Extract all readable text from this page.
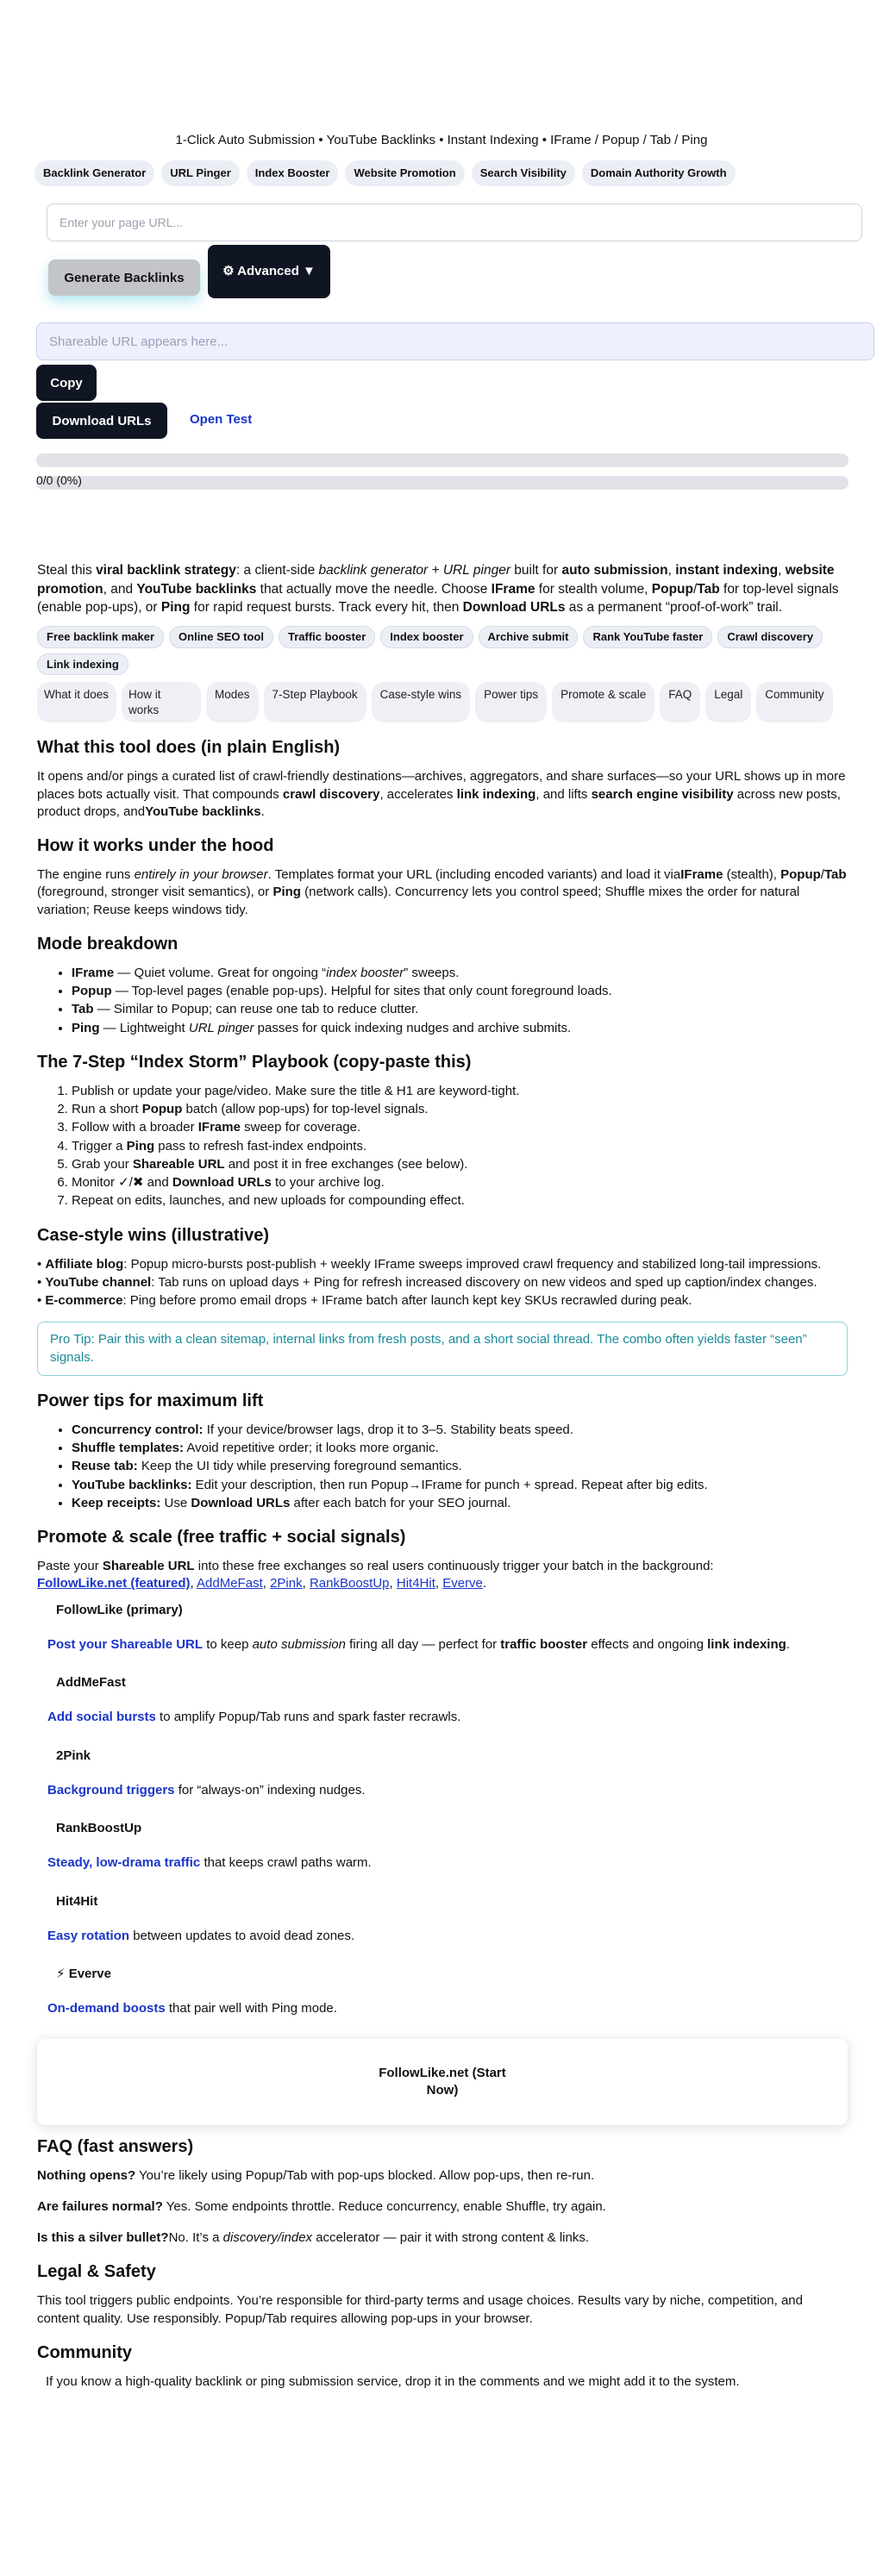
1-Click Auto Submission • YouTube Backlinks • Instant Indexing • IFrame / Popup / Tab / Ping
Backlink Generator	URL Pinger	Index Booster	Website Promotion	Search Visibility	Domain Authority Growth
Enter your page URL...
Generate Backlinks	⚙ Advanced ▼
Shareable URL appears here...
Copy
Download URLs	Open Test
0/0 (0%)

Steal this viral backlink strategy: a client-side backlink generator + URL pinger built for auto submission, instant indexing, website promotion, and YouTube backlinks that actually move the needle. Choose IFrame for stealth volume, Popup/Tab for top-level signals (enable pop-ups), or Ping for rapid request bursts. Track every hit, then Download URLs as a permanent “proof-of-work” trail.

Free backlink maker	Online SEO tool	Traffic booster	Index booster	Archive submit	Rank YouTube faster	Crawl discovery
Link indexing
What it does	How it works
Modes	7-Step Playbook	Case-style wins	Power tips	Promote & scale	FAQ	Legal	Community
What this tool does (in plain English)

It opens and/or pings a curated list of crawl-friendly destinations—archives, aggregators, and share surfaces—so your URL shows up in more places bots actually visit. That compounds crawl discovery, accelerates link indexing, and lifts search engine visibility across new posts, product drops, andYouTube backlinks.

How it works under the hood

The engine runs entirely in your browser. Templates format your URL (including encoded variants) and load it viaIFrame (stealth), Popup/Tab (foreground, stronger visit semantics), or Ping (network calls). Concurrency lets you control speed; Shuffle mixes the order for natural variation; Reuse keeps windows tidy.

Mode breakdown
• IFrame — Quiet volume. Great for ongoing “index booster” sweeps.
• Popup — Top-level pages (enable pop-ups). Helpful for sites that only count foreground loads.
• Tab — Similar to Popup; can reuse one tab to reduce clutter.
• Ping — Lightweight URL pinger passes for quick indexing nudges and archive submits.
The 7-Step “Index Storm” Playbook (copy-paste this)
1. Publish or update your page/video. Make sure the title & H1 are keyword-tight.
2. Run a short Popup batch (allow pop-ups) for top-level signals.
3. Follow with a broader IFrame sweep for coverage.
4. Trigger a Ping pass to refresh fast-index endpoints.
5. Grab your Shareable URL and post it in free exchanges (see below).
6. Monitor ✓/✖ and Download URLs to your archive log.
7. Repeat on edits, launches, and new uploads for compounding effect.
Case-style wins (illustrative)
• Affiliate blog: Popup micro-bursts post-publish + weekly IFrame sweeps improved crawl frequency and stabilized long-tail impressions.
• YouTube channel: Tab runs on upload days + Ping for refresh increased discovery on new videos and sped up caption/index changes.
• E-commerce: Ping before promo email drops + IFrame batch after launch kept key SKUs recrawled during peak.
Pro Tip: Pair this with a clean sitemap, internal links from fresh posts, and a short social thread. The combo often yields faster “seen” signals.
Power tips for maximum lift
• Concurrency control: If your device/browser lags, drop it to 3–5. Stability beats speed.
• Shuffle templates: Avoid repetitive order; it looks more organic.
• Reuse tab: Keep the UI tidy while preserving foreground semantics.
• YouTube backlinks: Edit your description, then run Popup→IFrame for punch + spread. Repeat after big edits.
• Keep receipts: Use Download URLs after each batch for your SEO journal.
Promote & scale (free traffic + social signals)

Paste your Shareable URL into these free exchanges so real users continuously trigger your batch in the background:
FollowLike.net (featured), AddMeFast, 2Pink, RankBoostUp, Hit4Hit, Everve.

FollowLike (primary)

Post your Shareable URL to keep auto submission firing all day — perfect for traffic booster effects and ongoing link indexing.

AddMeFast

Add social bursts to amplify Popup/Tab runs and spark faster recrawls.

2Pink

Background triggers for “always-on” indexing nudges.

RankBoostUp

Steady, low-drama traffic that keeps crawl paths warm.

Hit4Hit

Easy rotation between updates to avoid dead zones.

⚡ Everve

On-demand boosts that pair well with Ping mode.

FollowLike.net (Start Now)
FAQ (fast answers)

Nothing opens? You’re likely using Popup/Tab with pop-ups blocked. Allow pop-ups, then re-run.

Are failures normal? Yes. Some endpoints throttle. Reduce concurrency, enable Shuffle, try again.

Is this a silver bullet?No. It’s a discovery/index accelerator — pair it with strong content & links.

Legal & Safety

This tool triggers public endpoints. You’re responsible for third-party terms and usage choices. Results vary by niche, competition, and content quality. Use responsibly. Popup/Tab requires allowing pop-ups in your browser.

Community

If you know a high-quality backlink or ping submission service, drop it in the comments and we might add it to the system.
